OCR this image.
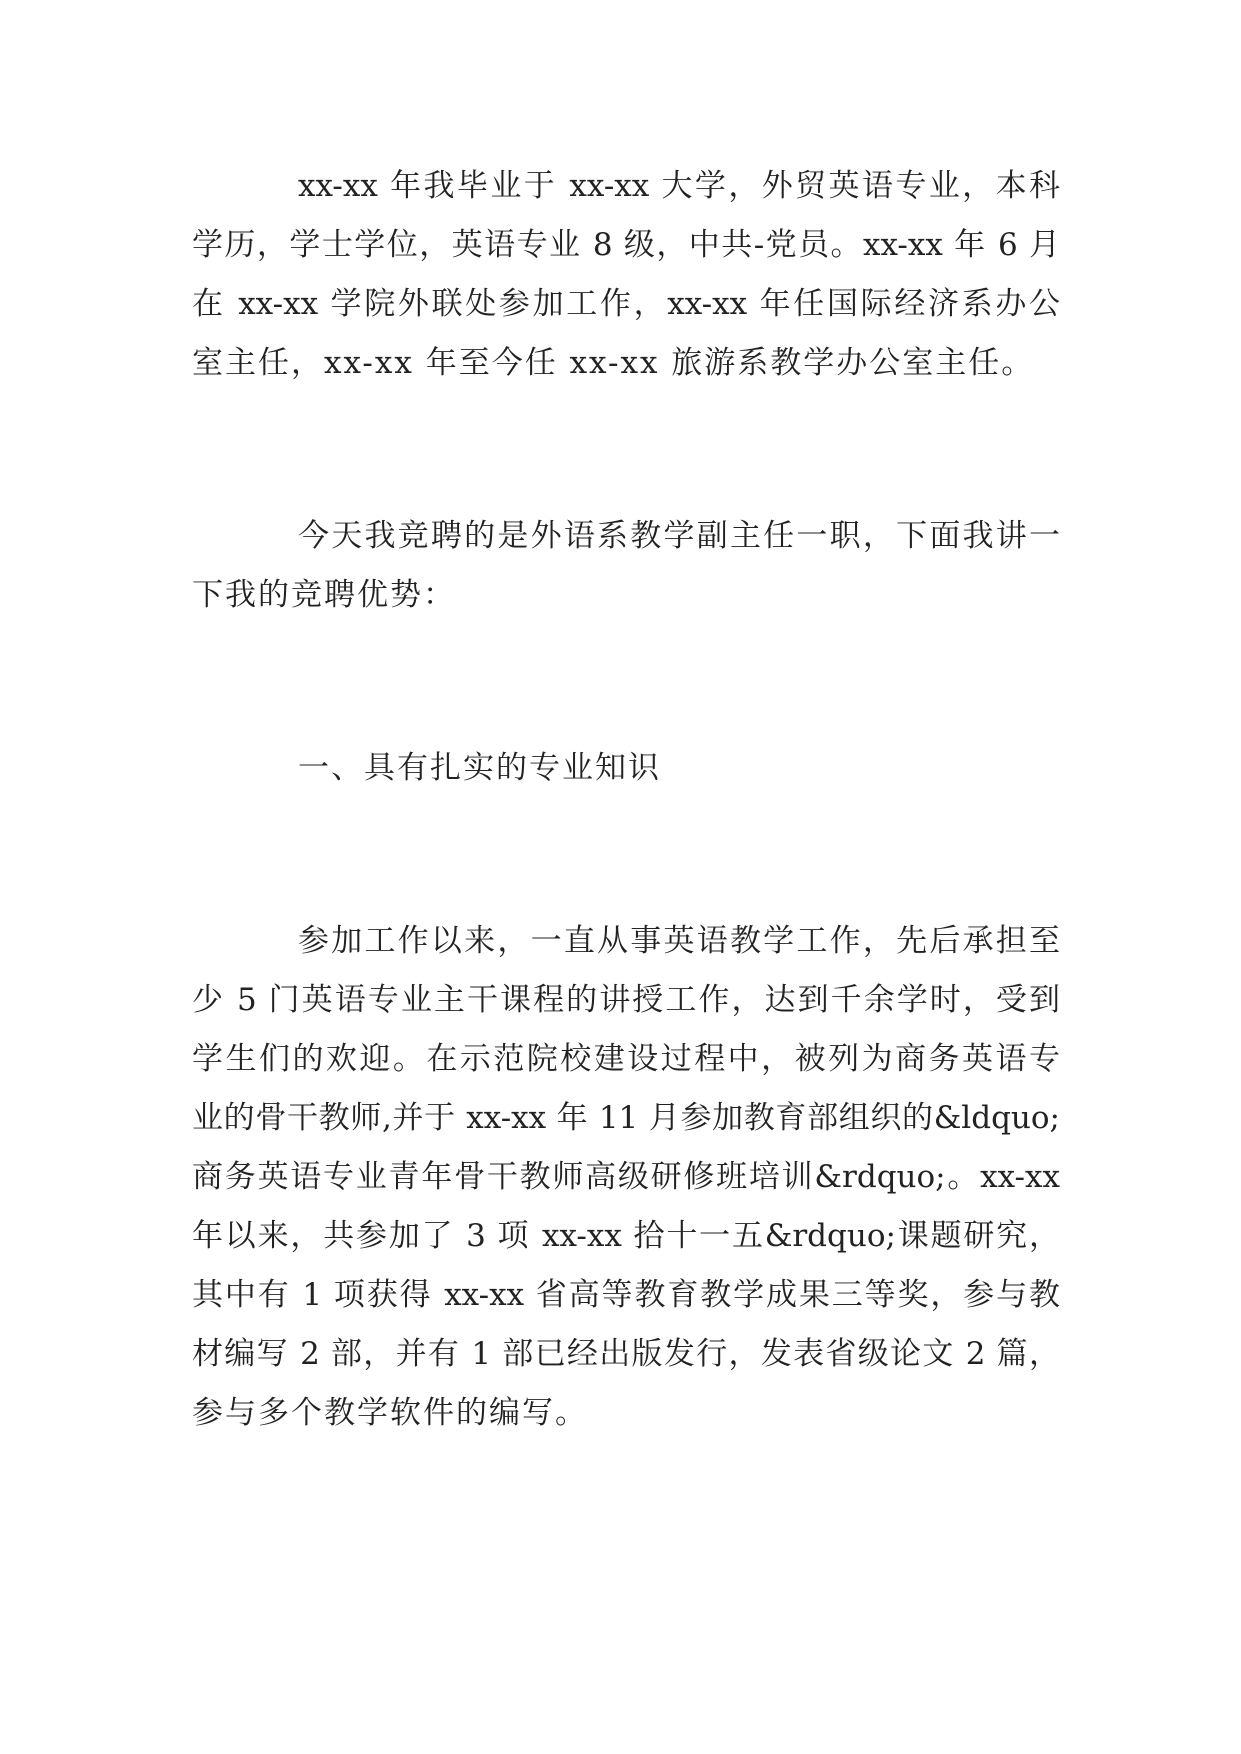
xx-xx 年我毕业于 xx-xx 大学，外贸英语专业，本科
学历，学士学位，英语专业 8 级，中共-党员。xx-xx 年 6 月
在 xx-xx 学院外联处参加工作，xx-xx 年任国际经济系办公
室主任，xx-xx 年至今任 xx-xx 旅游系教学办公室主任。
今天我竞聘的是外语系教学副主任一职，下面我讲一
下我的竞聘优势：
一、具有扎实的专业知识
参加工作以来，一直从事英语教学工作，先后承担至
少 5 门英语专业主干课程的讲授工作，达到千余学时，受到
学生们的欢迎。在示范院校建设过程中，被列为商务英语专
业的骨干教师,并于 xx-xx 年 11 月参加教育部组织的&ldquo;
商务英语专业青年骨干教师高级研修班培训&rdquo;。xx-xx
年以来，共参加了 3 项 xx-xx 拾十一五&rdquo;课题研究，
其中有 1 项获得 xx-xx 省高等教育教学成果三等奖，参与教
材编写 2 部，并有 1 部已经出版发行，发表省级论文 2 篇，
参与多个教学软件的编写。
